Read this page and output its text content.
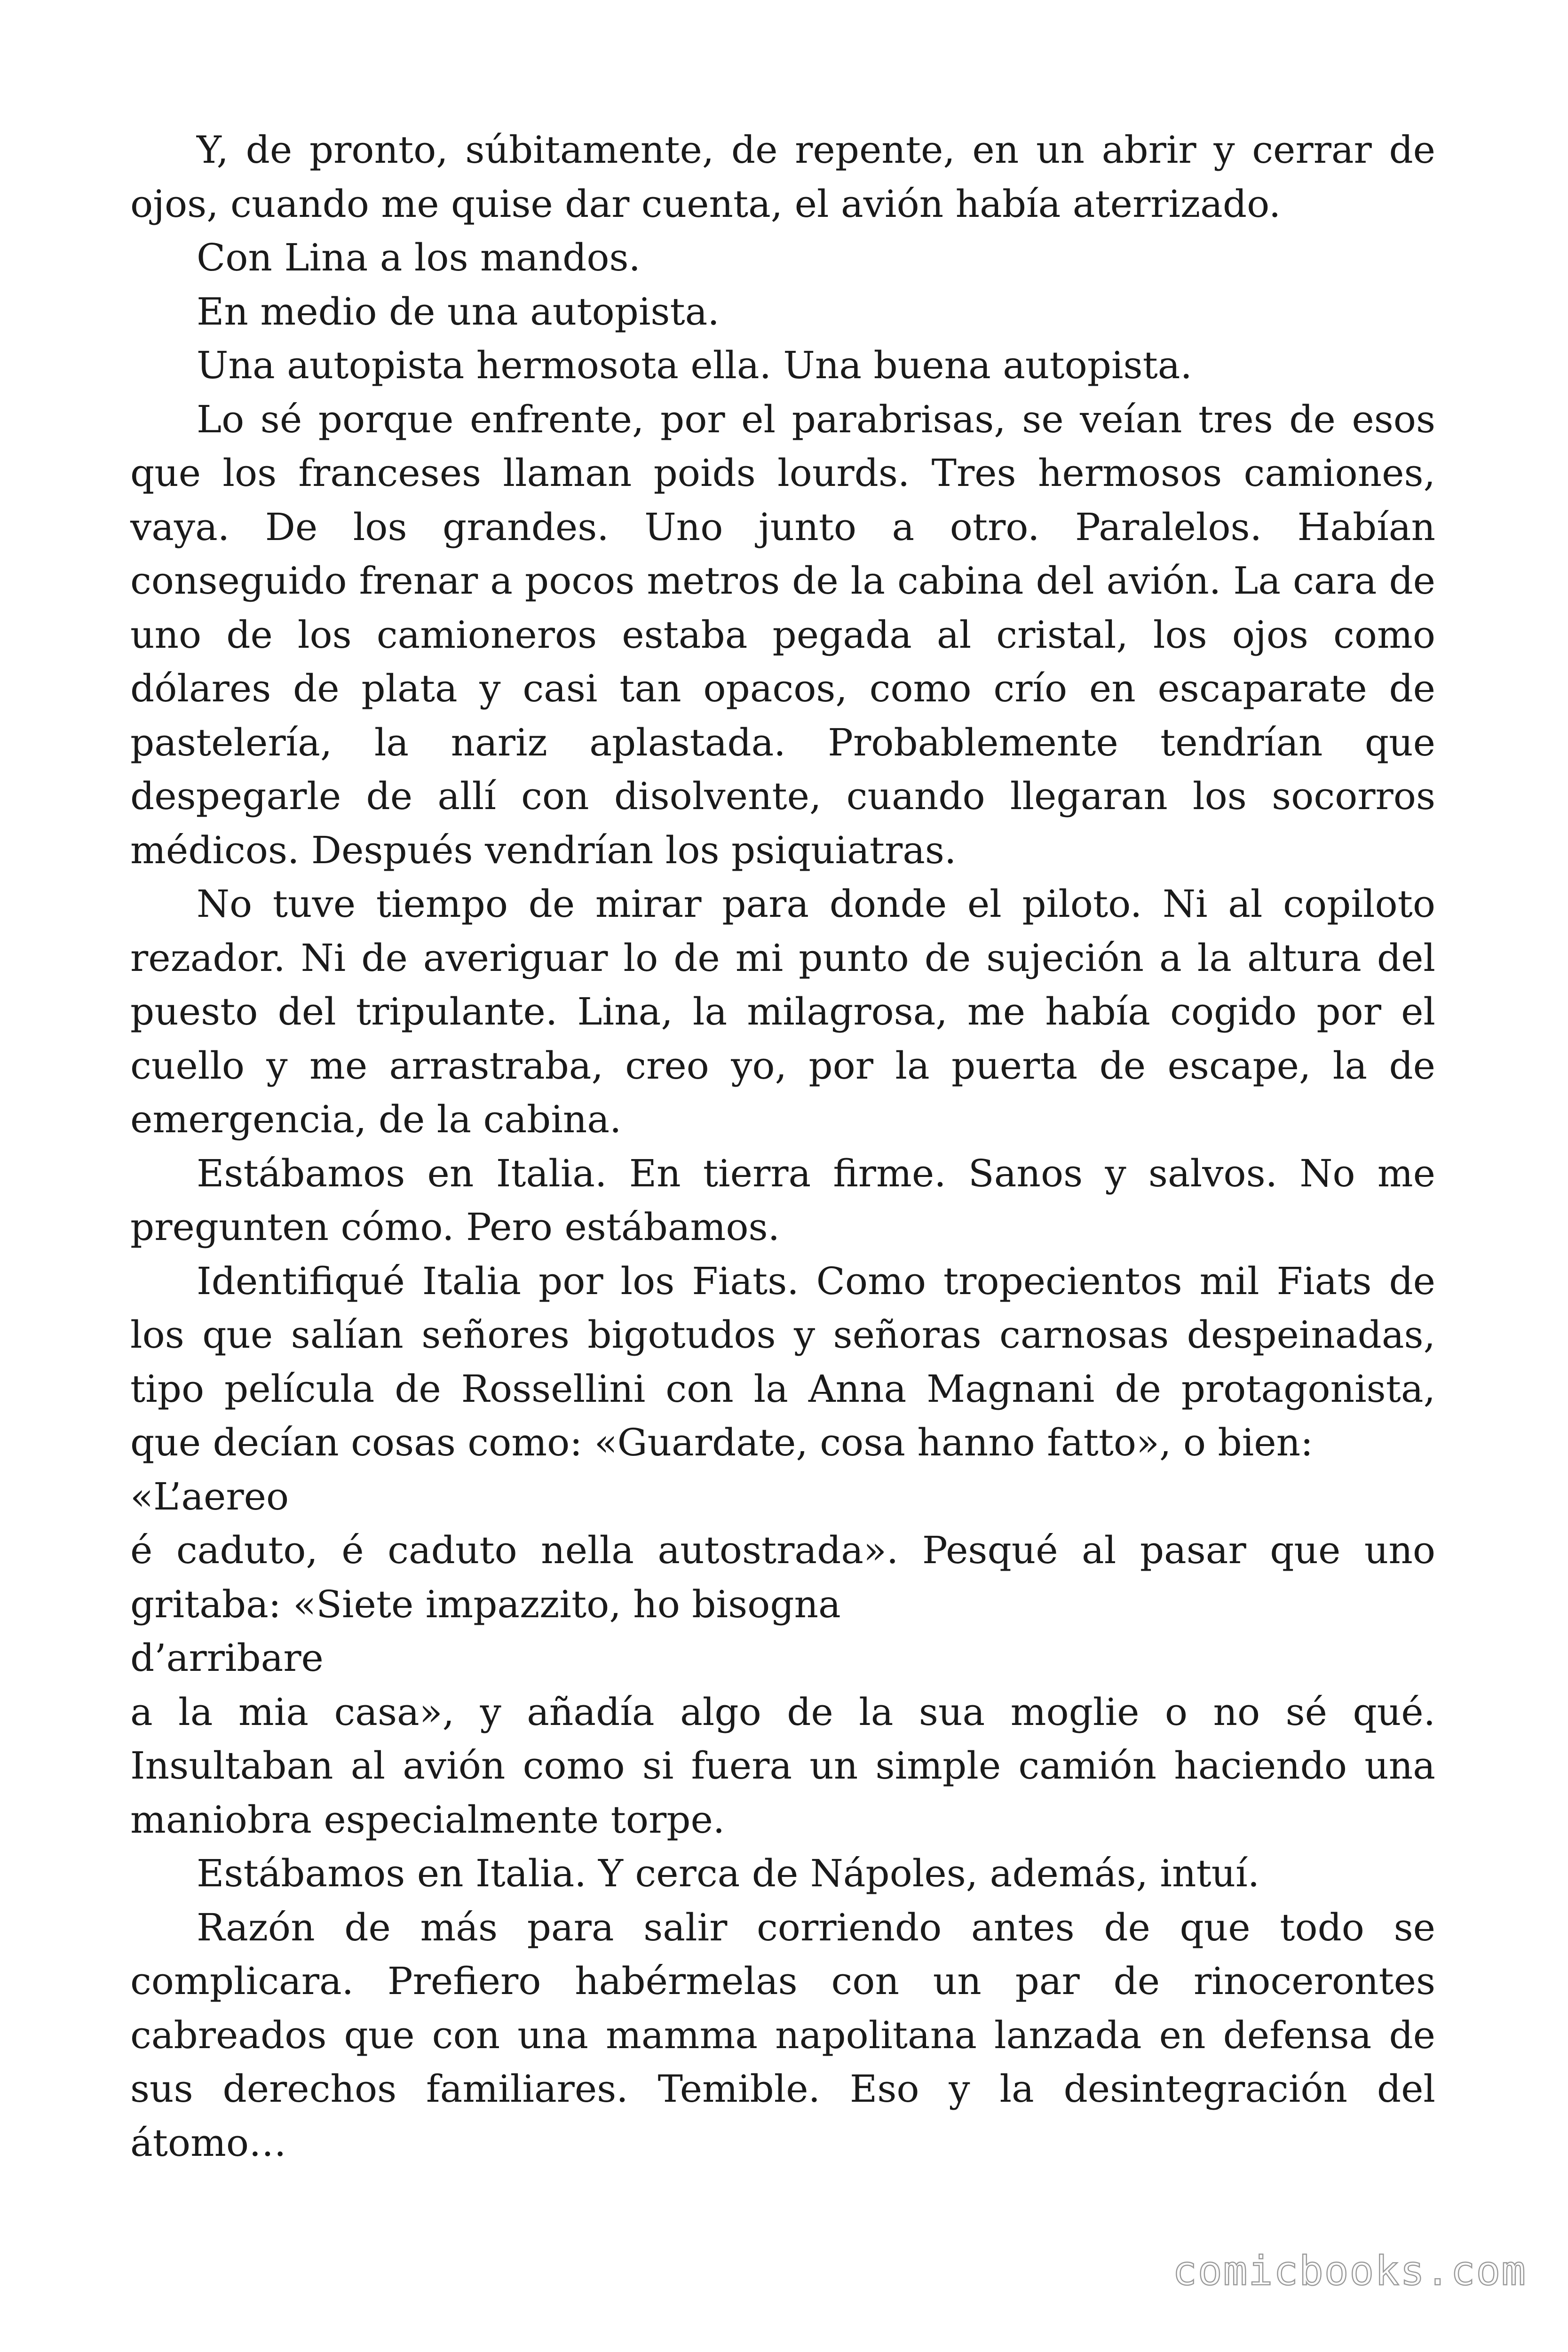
Y, de pronto, súbitamente, de repente, en un abrir y cerrar de ojos, cuando me quise dar cuenta, el avión había aterrizado.

Con Lina a los mandos.

En medio de una autopista.

Una autopista hermosota ella. Una buena autopista.

Lo sé porque enfrente, por el parabrisas, se veían tres de esos que los franceses llaman poids lourds. Tres hermosos camiones, vaya. De los grandes. Uno junto a otro. Paralelos. Habían conseguido frenar a pocos metros de la cabina del avión. La cara de uno de los camioneros estaba pegada al cristal, los ojos como dólares de plata y casi tan opacos, como crío en escaparate de pastelería, la nariz aplastada. Probablemente tendrían que despegarle de allí con disolvente, cuando llegaran los socorros médicos. Después vendrían los psiquiatras.

No tuve tiempo de mirar para donde el piloto. Ni al copiloto rezador. Ni de averiguar lo de mi punto de sujeción a la altura del puesto del tripulante. Lina, la milagrosa, me había cogido por el cuello y me arrastraba, creo yo, por la puerta de escape, la de emergencia, de la cabina.

Estábamos en Italia. En tierra firme. Sanos y salvos. No me pregunten cómo. Pero estábamos.

Identifiqué Italia por los Fiats. Como tropecientos mil Fiats de los que salían señores bigotudos y señoras carnosas despeinadas, tipo película de Rossellini con la Anna Magnani de protagonista, que decían cosas como: «Guardate, cosa hanno fatto», o bien:

«L’aereo

é caduto, é caduto nella autostrada». Pesqué al pasar que uno gritaba: «Siete impazzito, ho bisogna

d’arribare

a la mia casa», y añadía algo de la sua moglie o no sé qué. Insultaban al avión como si fuera un simple camión haciendo una maniobra especialmente torpe.

Estábamos en Italia. Y cerca de Nápoles, además, intuí.

Razón de más para salir corriendo antes de que todo se complicara. Prefiero habérmelas con un par de rinocerontes cabreados que con una mamma napolitana lanzada en defensa de sus derechos familiares. Temible. Eso y la desintegración del átomo…

comicbooks.com
